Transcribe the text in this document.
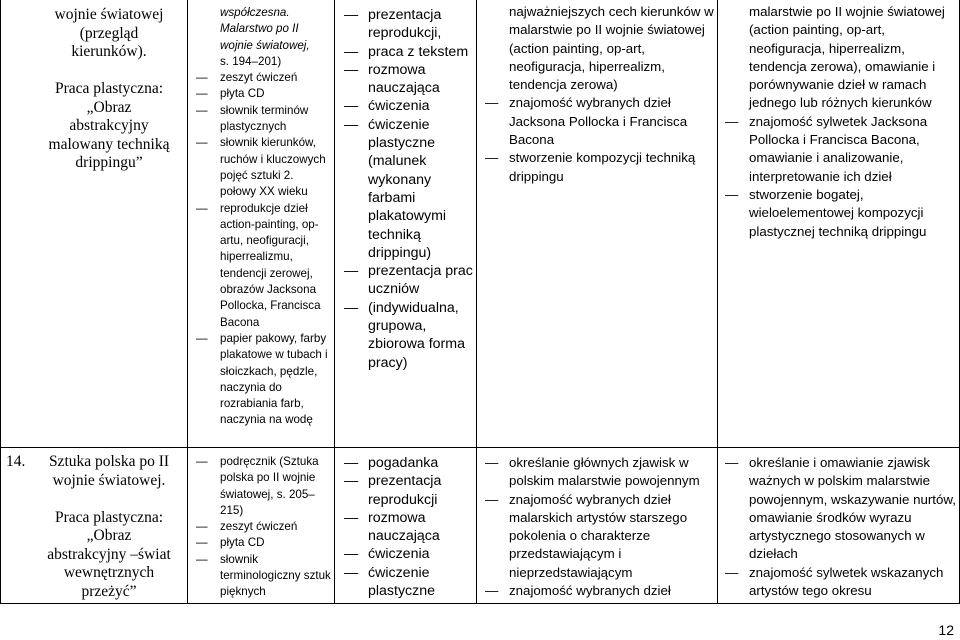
wojnie światowej
(przegląd
kierunków).
Praca plastyczna:
„Obraz
abstrakcyjny
malowany techniką
drippingu”
współczesna.
Malarstwo po II wojnie światowej,
s. 194–201)
— zeszyt ćwiczeń
— płyta CD
— słownik terminów plastycznych
— słownik kierunków, ruchów i kluczowych pojęć sztuki 2. połowy XX wieku
— reprodukcje dzieł action-painting, op-artu, neofiguracji, hiperrealizmu, tendencji zerowej, obrazów Jacksona Pollocka, Francisca Bacona
— papier pakowy, farby plakatowe w tubach i słoiczkach, pędzle, naczynia do rozrabiania farb, naczynia na wodę
— prezentacja reprodukcji,
— praca z tekstem
— rozmowa nauczająca
— ćwiczenia
— ćwiczenie plastyczne (malunek wykonany farbami plakatowymi techniką drippingu)
— prezentacja prac uczniów
— (indywidualna, grupowa, zbiorowa forma pracy)
najważniejszych cech kierunków w malarstwie po II wojnie światowej (action painting, op-art, neofiguracja, hiperrealizm, tendencja zerowa)
— znajomość wybranych dzieł Jacksona Pollocka i Francisca Bacona
— stworzenie kompozycji techniką drippingu
malarstwie po II wojnie światowej (action painting, op-art, neofiguracja, hiperrealizm, tendencja zerowa), omawianie i porównywanie dzieł w ramach jednego lub różnych kierunków
— znajomość sylwetek Jacksona Pollocka i Francisca Bacona, omawianie i analizowanie, interpretowanie ich dzieł
— stworzenie bogatej, wieloelementowej kompozycji plastycznej techniką drippingu
14.	Sztuka polska po II
wojnie światowej.
Praca plastyczna:
„Obraz
abstrakcyjny –świat
wewnętrznych
przeżyć”
— podręcznik (Sztuka polska po II wojnie światowej, s. 205–215)
— zeszyt ćwiczeń
— płyta CD
— słownik terminologiczny sztuk pięknych
— pogadanka
— prezentacja reprodukcji
— rozmowa nauczająca
— ćwiczenia
— ćwiczenie plastyczne
— określanie głównych zjawisk w polskim malarstwie powojennym
— znajomość wybranych dzieł malarskich artystów starszego pokolenia o charakterze przedstawiającym i nieprzedstawiającym
— znajomość wybranych dzieł
— określanie i omawianie zjawisk ważnych w polskim malarstwie powojennym, wskazywanie nurtów, omawianie środków wyrazu artystycznego stosowanych w dziełach
— znajomość sylwetek wskazanych artystów tego okresu
12
